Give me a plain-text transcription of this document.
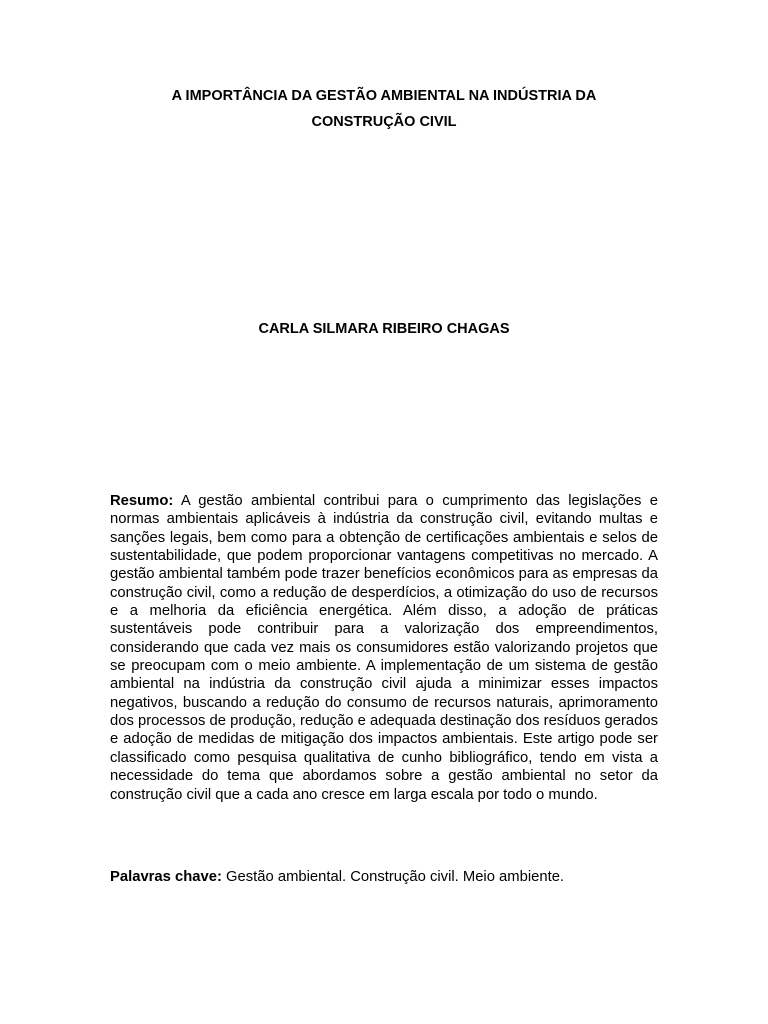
A IMPORTÂNCIA DA GESTÃO AMBIENTAL NA INDÚSTRIA DA
CONSTRUÇÃO CIVIL
CARLA SILMARA RIBEIRO CHAGAS

Resumo: A gestão ambiental contribui para o cumprimento das legislações e normas ambientais aplicáveis à indústria da construção civil, evitando multas e sanções legais, bem como para a obtenção de certificações ambientais e selos de sustentabilidade, que podem proporcionar vantagens competitivas no mercado. A gestão ambiental também pode trazer benefícios econômicos para as empresas da construção civil, como a redução de desperdícios, a otimização do uso de recursos e a melhoria da eficiência energética. Além disso, a adoção de práticas sustentáveis pode contribuir para a valorização dos empreendimentos, considerando que cada vez mais os consumidores estão valorizando projetos que se preocupam com o meio ambiente. A implementação de um sistema de gestão ambiental na indústria da construção civil ajuda a minimizar esses impactos negativos, buscando a redução do consumo de recursos naturais, aprimoramento dos processos de produção, redução e adequada destinação dos resíduos gerados e adoção de medidas de mitigação dos impactos ambientais. Este artigo pode ser classificado como pesquisa qualitativa de cunho bibliográfico, tendo em vista a necessidade do tema que abordamos sobre a gestão ambiental no setor da construção civil que a cada ano cresce em larga escala por todo o mundo.

Palavras chave: Gestão ambiental. Construção civil. Meio ambiente.
